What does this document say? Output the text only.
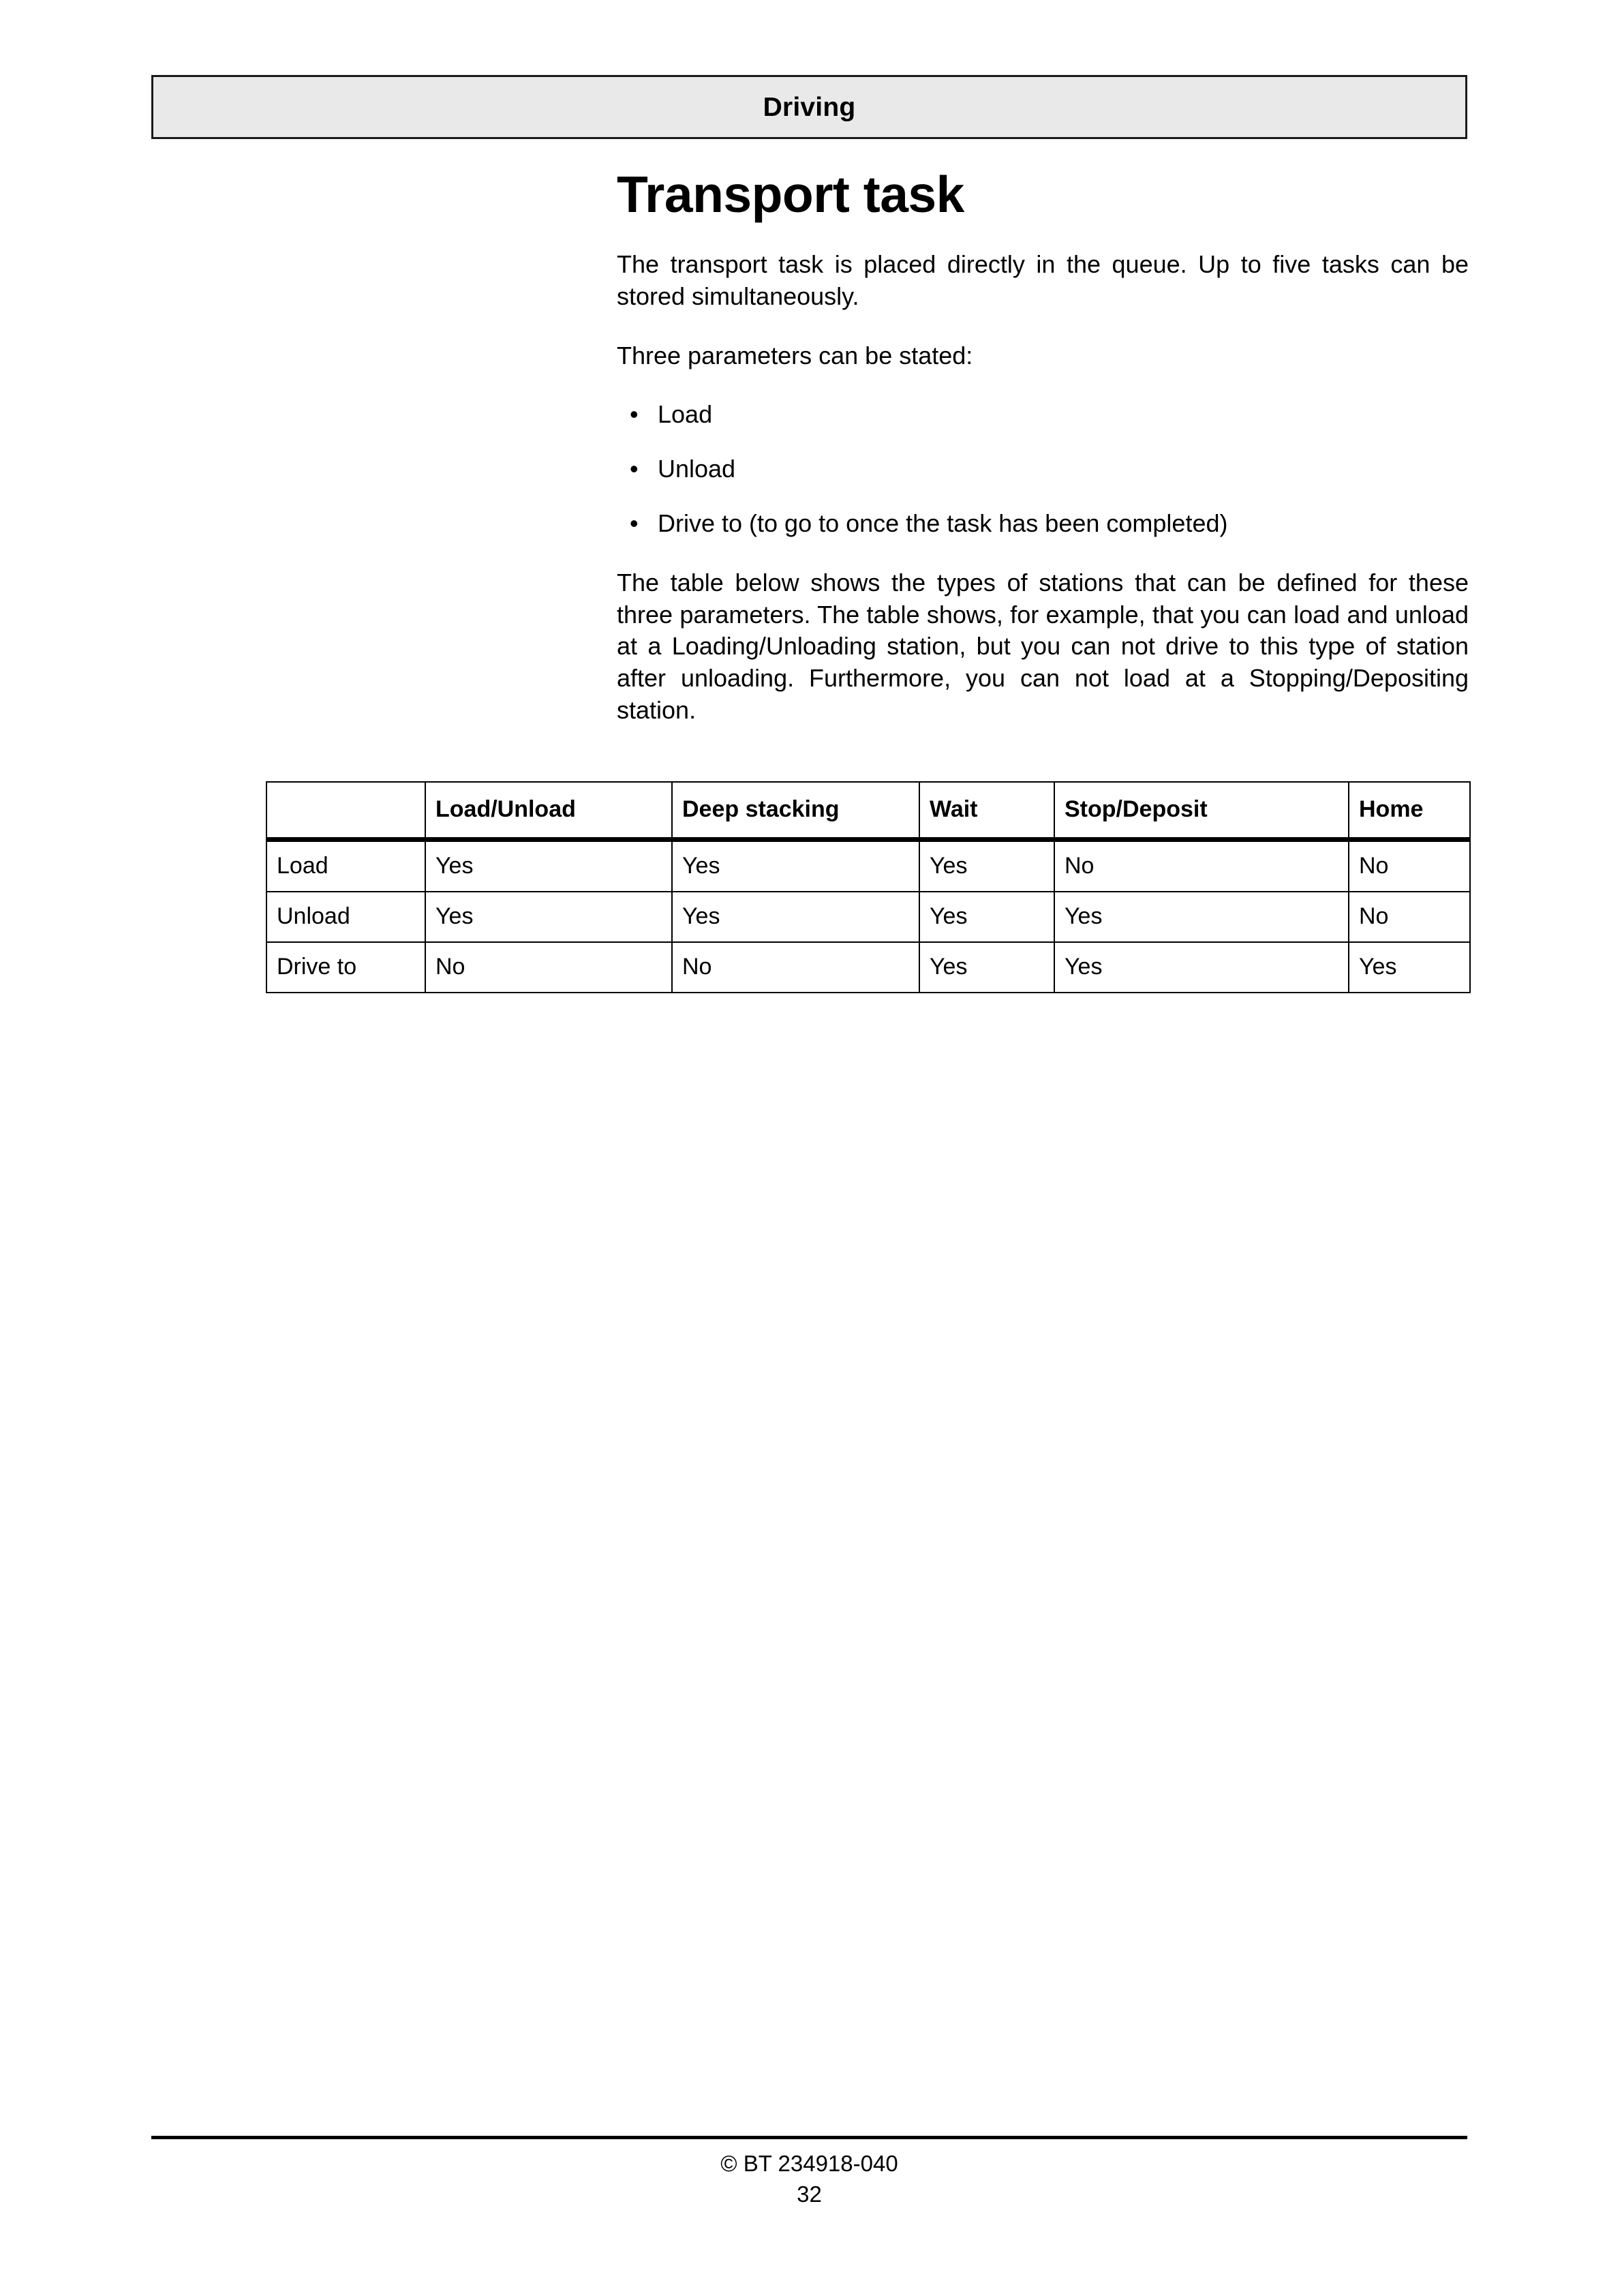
Driving
Transport task

The transport task is placed directly in the queue. Up to five tasks can be stored simultaneously.

Three parameters can be stated:

• Load
• Unload
• Drive to (to go to once the task has been completed)

The table below shows the types of stations that can be defined for these three parameters. The table shows, for example, that you can load and unload at a Loading/Unloading station, but you can not drive to this type of station after unloading. Furthermore, you can not load at a Stopping/Depositing station.

	Load/Unload	Deep stacking	Wait	Stop/Deposit	Home
Load	Yes	Yes	Yes	No	No
Unload	Yes	Yes	Yes	Yes	No
Drive to	No	No	Yes	Yes	Yes
© BT 234918-040
32
